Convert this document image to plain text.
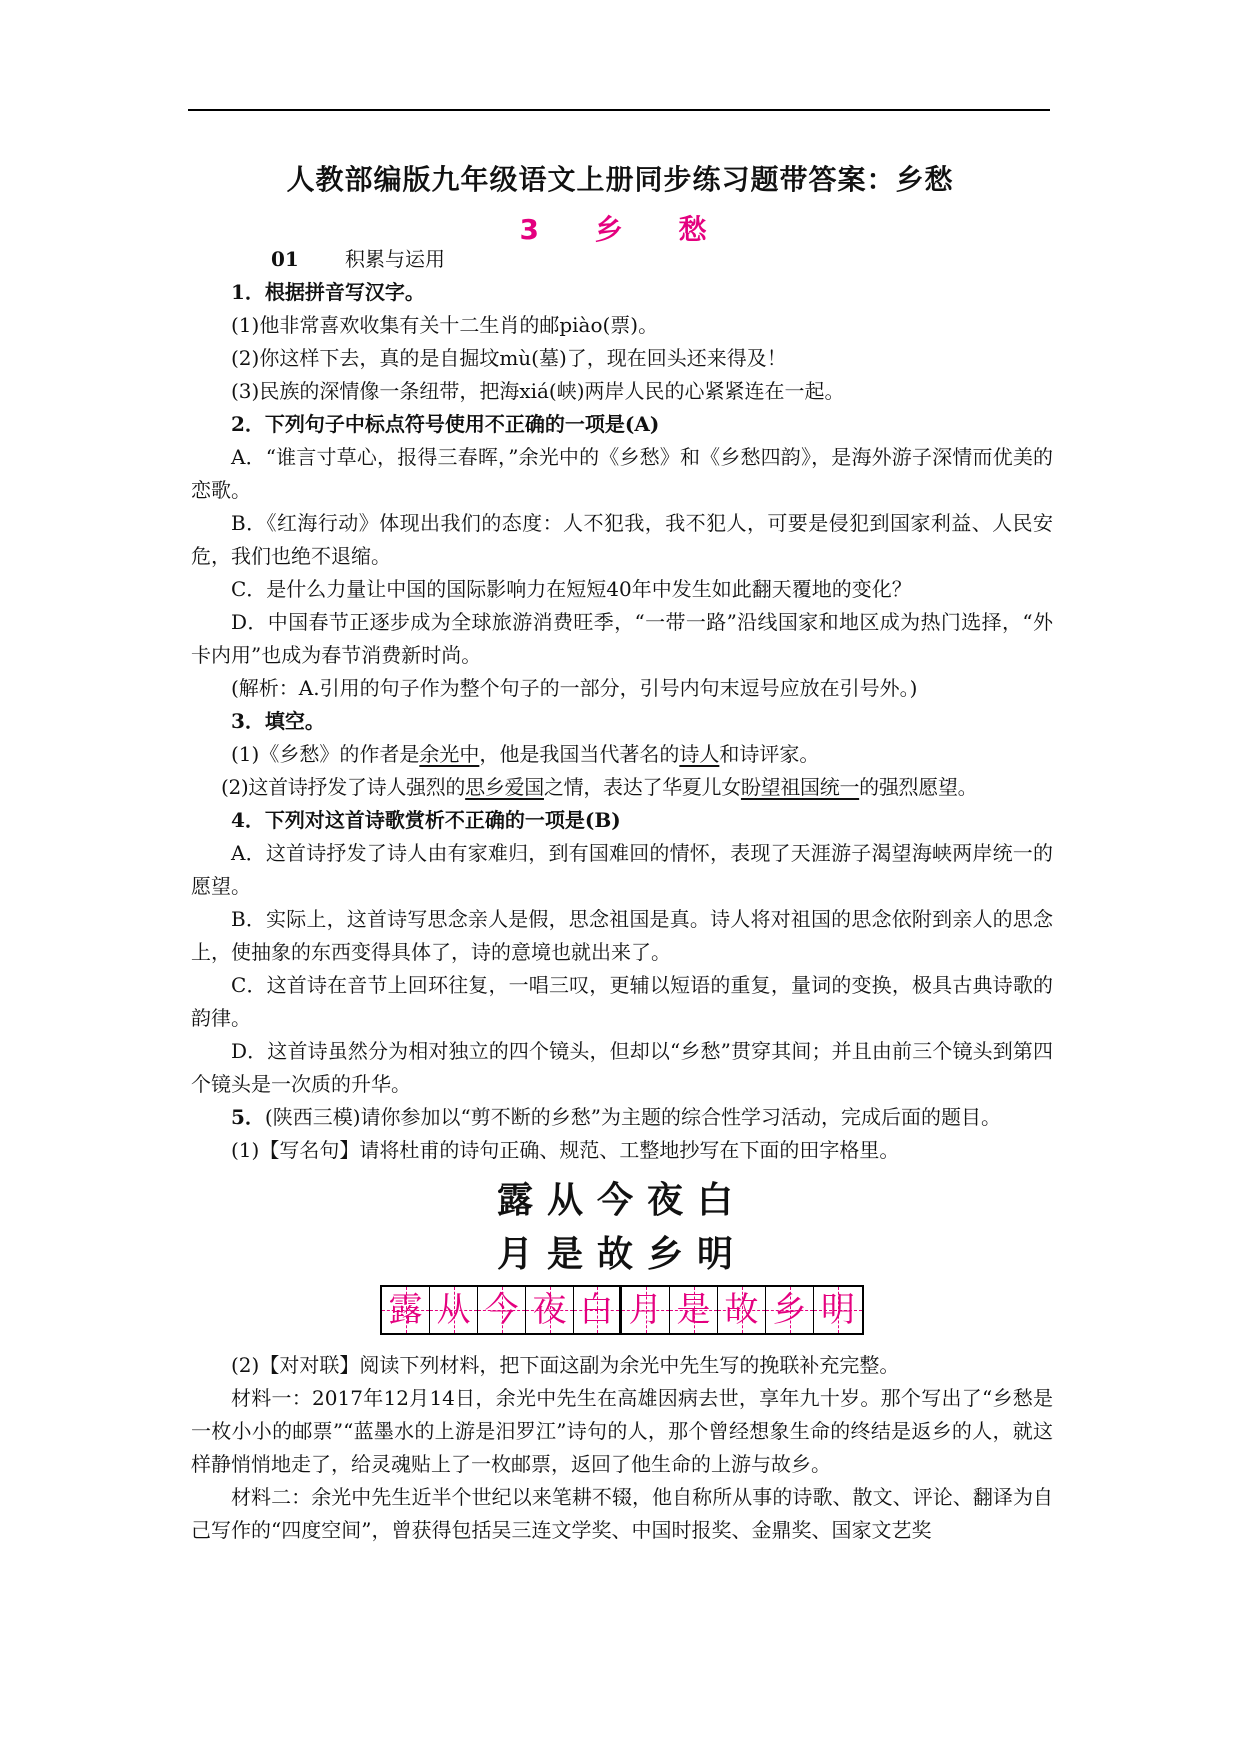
人教部编版九年级语文上册同步练习题带答案：乡愁
3 乡 愁

01 积累与运用

1．根据拼音写汉字。

(1)他非常喜欢收集有关十二生肖的邮piào(票)。

(2)你这样下去，真的是自掘坟mù(墓)了，现在回头还来得及！

(3)民族的深情像一条纽带，把海xiá(峡)两岸人民的心紧紧连在一起。

2．下列句子中标点符号使用不正确的一项是(A)

A．“谁言寸草心，报得三春晖，”余光中的《乡愁》和《乡愁四韵》，是海外游子深情而优美的恋歌。

B．《红海行动》体现出我们的态度：人不犯我，我不犯人，可要是侵犯到国家利益、人民安危，我们也绝不退缩。

C．是什么力量让中国的国际影响力在短短40年中发生如此翻天覆地的变化？

D．中国春节正逐步成为全球旅游消费旺季，“一带一路”沿线国家和地区成为热门选择，“外卡内用”也成为春节消费新时尚。

(解析：A.引用的句子作为整个句子的一部分，引号内句末逗号应放在引号外。)

3．填空。

(1)《乡愁》的作者是余光中，他是我国当代著名的诗人和诗评家。

(2)这首诗抒发了诗人强烈的思乡爱国之情，表达了华夏儿女盼望祖国统一的强烈愿望。

4．下列对这首诗歌赏析不正确的一项是(B)

A．这首诗抒发了诗人由有家难归，到有国难回的情怀，表现了天涯游子渴望海峡两岸统一的愿望。

B．实际上，这首诗写思念亲人是假，思念祖国是真。诗人将对祖国的思念依附到亲人的思念上，使抽象的东西变得具体了，诗的意境也就出来了。

C．这首诗在音节上回环往复，一唱三叹，更辅以短语的重复，量词的变换，极具古典诗歌的韵律。

D．这首诗虽然分为相对独立的四个镜头，但却以“乡愁”贯穿其间；并且由前三个镜头到第四个镜头是一次质的升华。

5．(陕西三模)请你参加以“剪不断的乡愁”为主题的综合性学习活动，完成后面的题目。

(1)【写名句】请将杜甫的诗句正确、规范、工整地抄写在下面的田字格里。

露从今夜白

月是故乡明

露 从 今 夜 白 月 是 故 乡 明

(2)【对对联】阅读下列材料，把下面这副为余光中先生写的挽联补充完整。

材料一：2017年12月14日，余光中先生在高雄因病去世，享年九十岁。那个写出了“乡愁是一枚小小的邮票”“蓝墨水的上游是汨罗江”诗句的人，那个曾经想象生命的终结是返乡的人，就这样静悄悄地走了，给灵魂贴上了一枚邮票，返回了他生命的上游与故乡。

材料二：余光中先生近半个世纪以来笔耕不辍，他自称所从事的诗歌、散文、评论、翻译为自己写作的“四度空间”，曾获得包括吴三连文学奖、中国时报奖、金鼎奖、国家文艺奖
